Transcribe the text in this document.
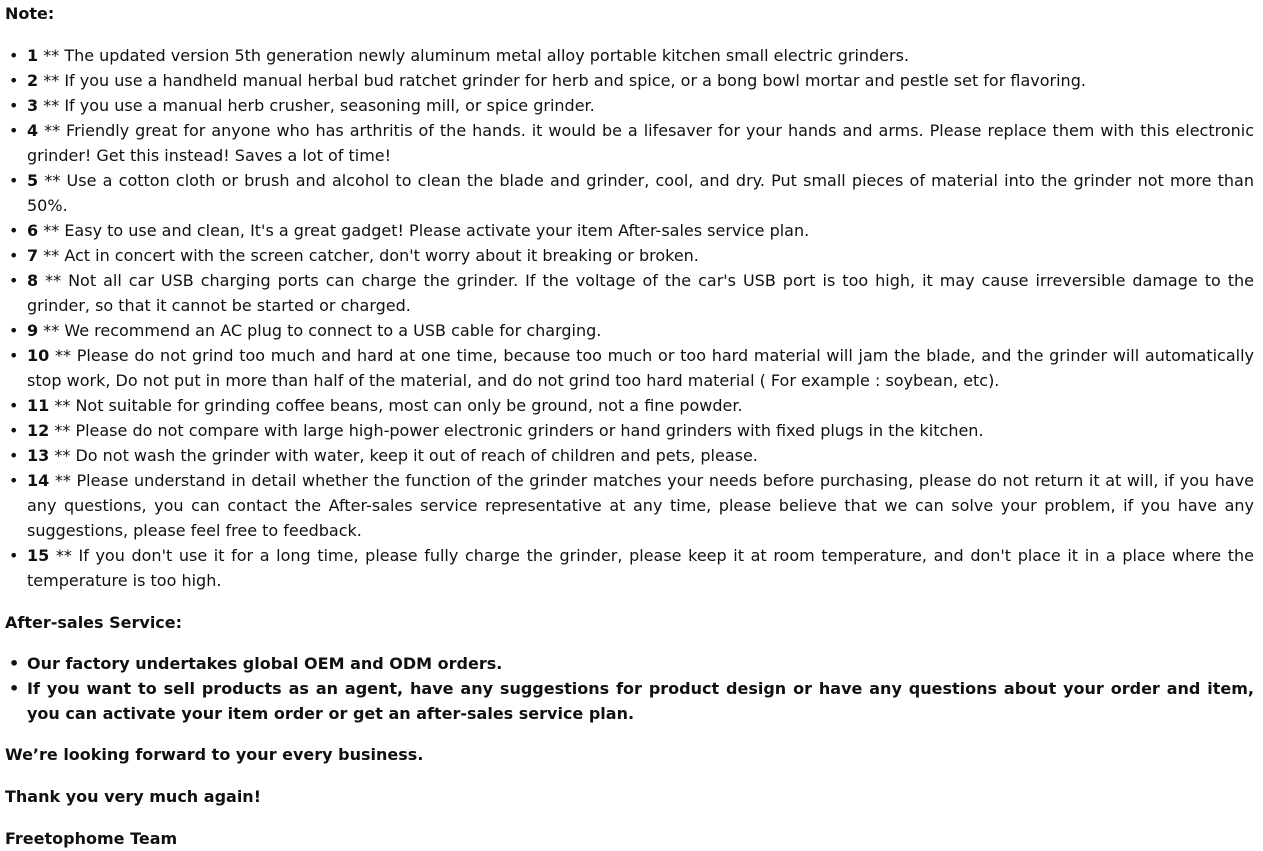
Note:

• 1 ** The updated version 5th generation newly aluminum metal alloy portable kitchen small electric grinders.
• 2 ** If you use a handheld manual herbal bud ratchet grinder for herb and spice, or a bong bowl mortar and pestle set for flavoring.
• 3 ** If you use a manual herb crusher, seasoning mill, or spice grinder.
• 4 ** Friendly great for anyone who has arthritis of the hands. it would be a lifesaver for your hands and arms. Please replace them with this electronic grinder! Get this instead! Saves a lot of time!
• 5 ** Use a cotton cloth or brush and alcohol to clean the blade and grinder, cool, and dry. Put small pieces of material into the grinder not more than 50%.
• 6 ** Easy to use and clean, It's a great gadget! Please activate your item After-sales service plan.
• 7 ** Act in concert with the screen catcher, don't worry about it breaking or broken.
• 8 ** Not all car USB charging ports can charge the grinder. If the voltage of the car's USB port is too high, it may cause irreversible damage to the grinder, so that it cannot be started or charged.
• 9 ** We recommend an AC plug to connect to a USB cable for charging.
• 10 ** Please do not grind too much and hard at one time, because too much or too hard material will jam the blade, and the grinder will automatically stop work, Do not put in more than half of the material, and do not grind too hard material ( For example : soybean, etc).
• 11 ** Not suitable for grinding coffee beans, most can only be ground, not a fine powder.
• 12 ** Please do not compare with large high-power electronic grinders or hand grinders with fixed plugs in the kitchen.
• 13 ** Do not wash the grinder with water, keep it out of reach of children and pets, please.
• 14 ** Please understand in detail whether the function of the grinder matches your needs before purchasing, please do not return it at will, if you have any questions, you can contact the After-sales service representative at any time, please believe that we can solve your problem, if you have any suggestions, please feel free to feedback.
• 15 ** If you don't use it for a long time, please fully charge the grinder, please keep it at room temperature, and don't place it in a place where the temperature is too high.

After-sales Service:

• Our factory undertakes global OEM and ODM orders.
• If you want to sell products as an agent, have any suggestions for product design or have any questions about your order and item, you can activate your item order or get an after-sales service plan.

We’re looking forward to your every business.

Thank you very much again!

Freetophome Team
